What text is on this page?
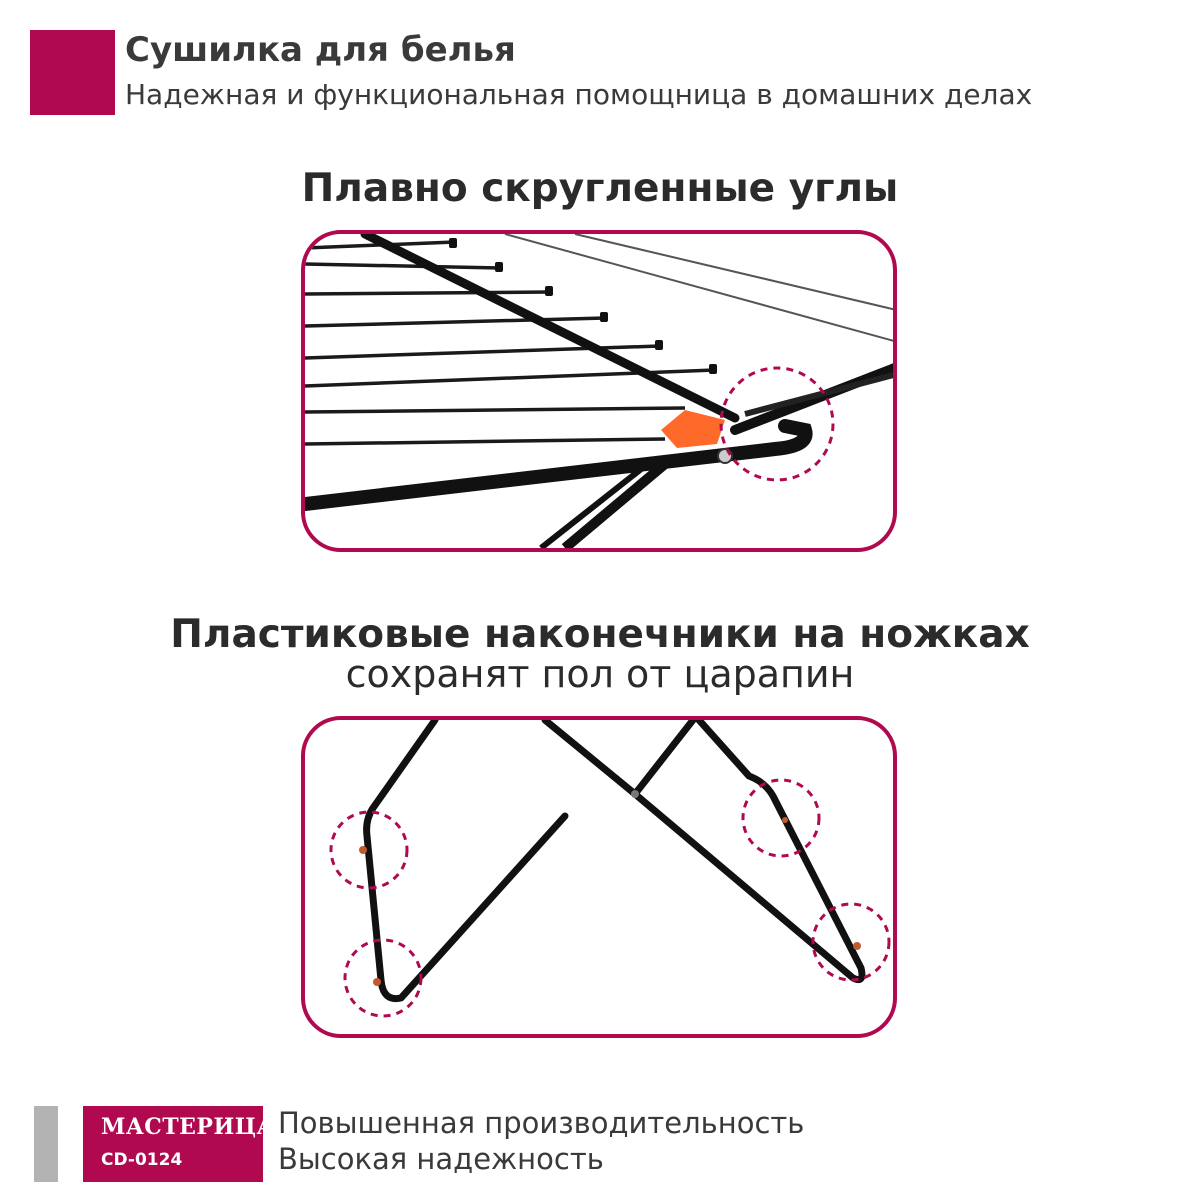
Сушилка для белья
Надежная и функциональная помощница в домашних делах
Плавно скругленные углы
Пластиковые наконечники на ножках
сохранят пол от царапин
МАСТЕРИЦА
CD-0124
Повышенная производительность
Высокая надежность
